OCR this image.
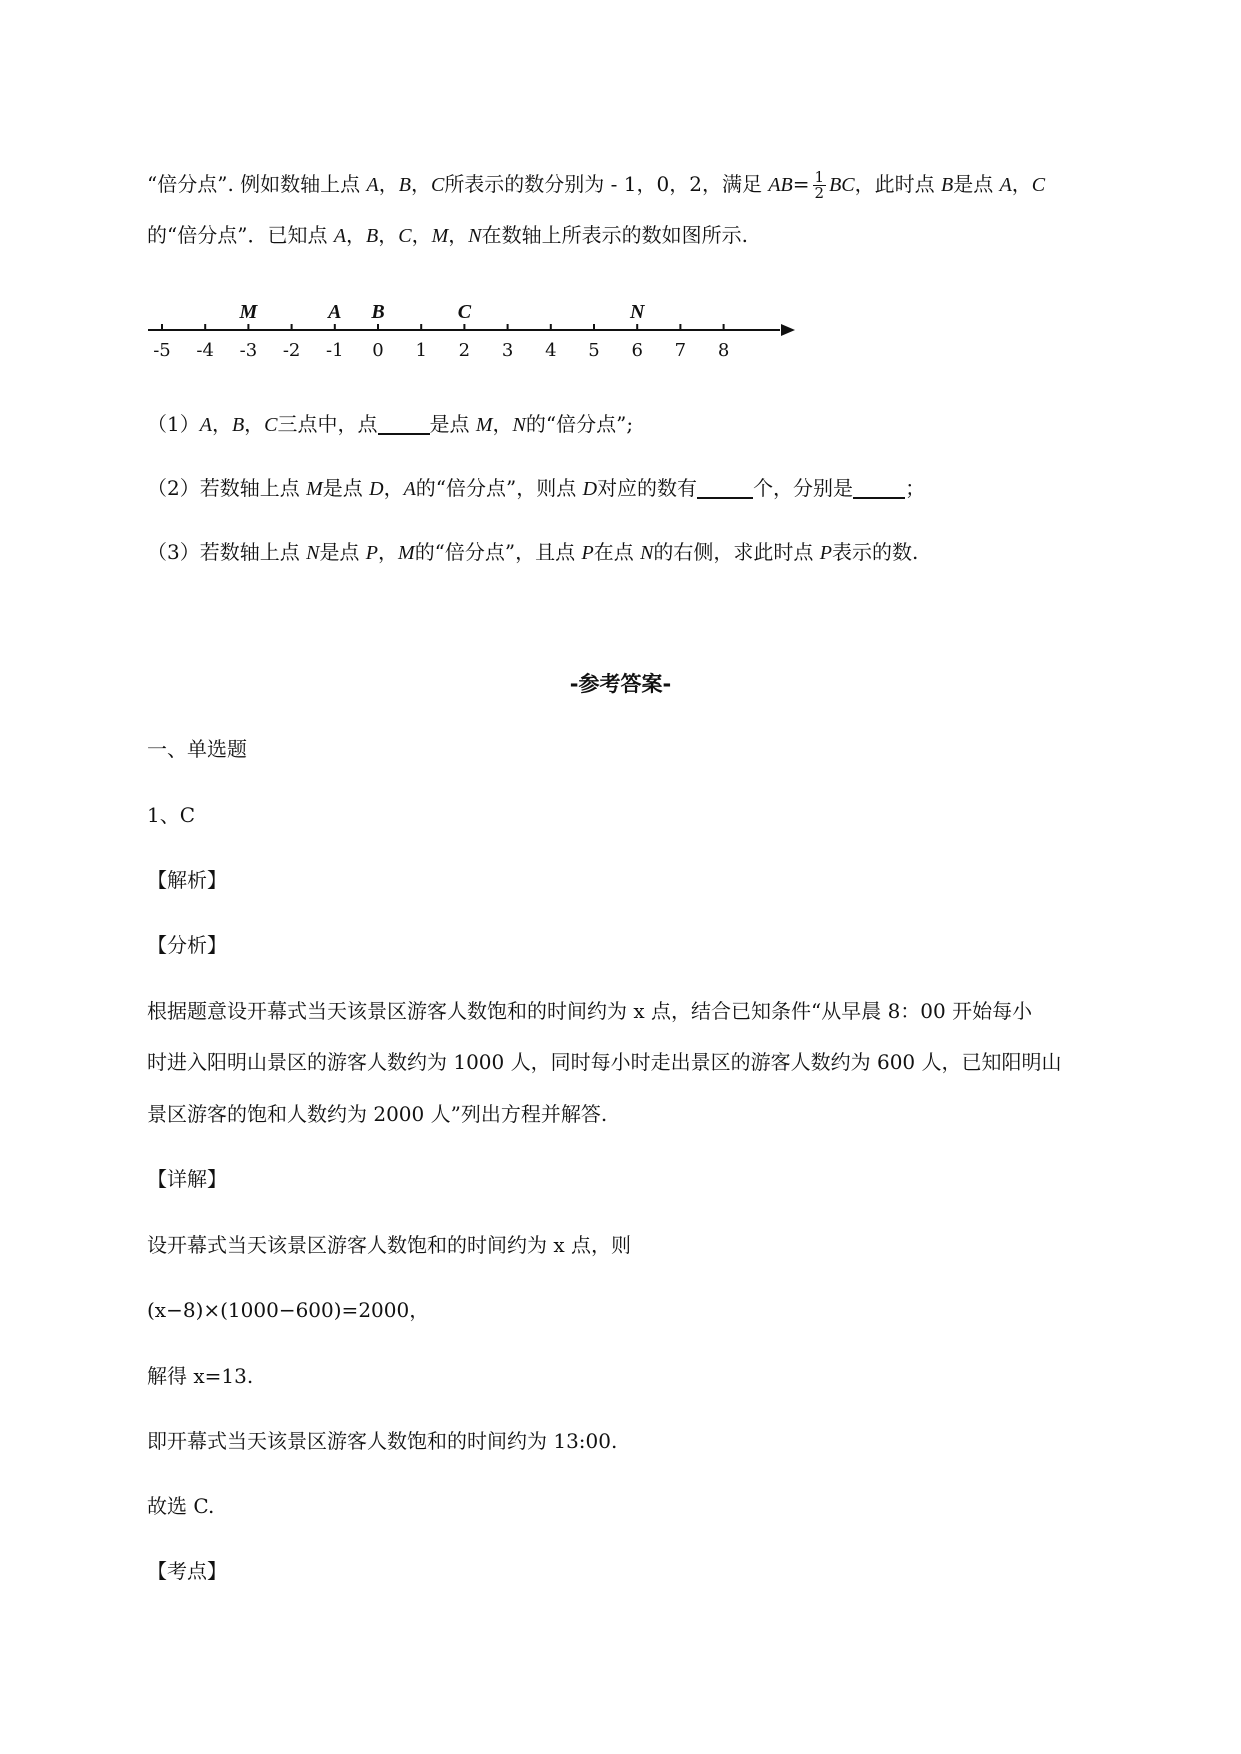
“倍分点”. 例如数轴上点 A，B，C所表示的数分别为 - 1，0，2，满足 $AB= \frac{1}{2}$ BC，此时点 B是点 A，C
的“倍分点”．已知点 A，B，C，M，N在数轴上所表示的数如图所示.
-5 -4 -3 -2 -1 0 1 2 3 4 5 6 7 8
M	A B	C	N
（1）A，B，C三点中，点	是点 M，N的“倍分点”;
（2）若数轴上点 M是点 D，A的“倍分点”，则点 D对应的数有	个，分别是	；
（3）若数轴上点 N是点 P，M的“倍分点”，且点 P在点 N的右侧，求此时点 P表示的数.
-参考答案-
一、单选题
1、C
【解析】
【分析】
根据题意设开幕式当天该景区游客人数饱和的时间约为 x 点，结合已知条件“从早晨 8：00 开始每小
时进入阳明山景区的游客人数约为 1000 人，同时每小时走出景区的游客人数约为 600 人，已知阳明山
景区游客的饱和人数约为 2000 人”列出方程并解答.
【详解】
设开幕式当天该景区游客人数饱和的时间约为 x 点，则
(x−8)×(1000−600)=2000，
解得 x=13.
即开幕式当天该景区游客人数饱和的时间约为 13:00.
故选 C.
【考点】
